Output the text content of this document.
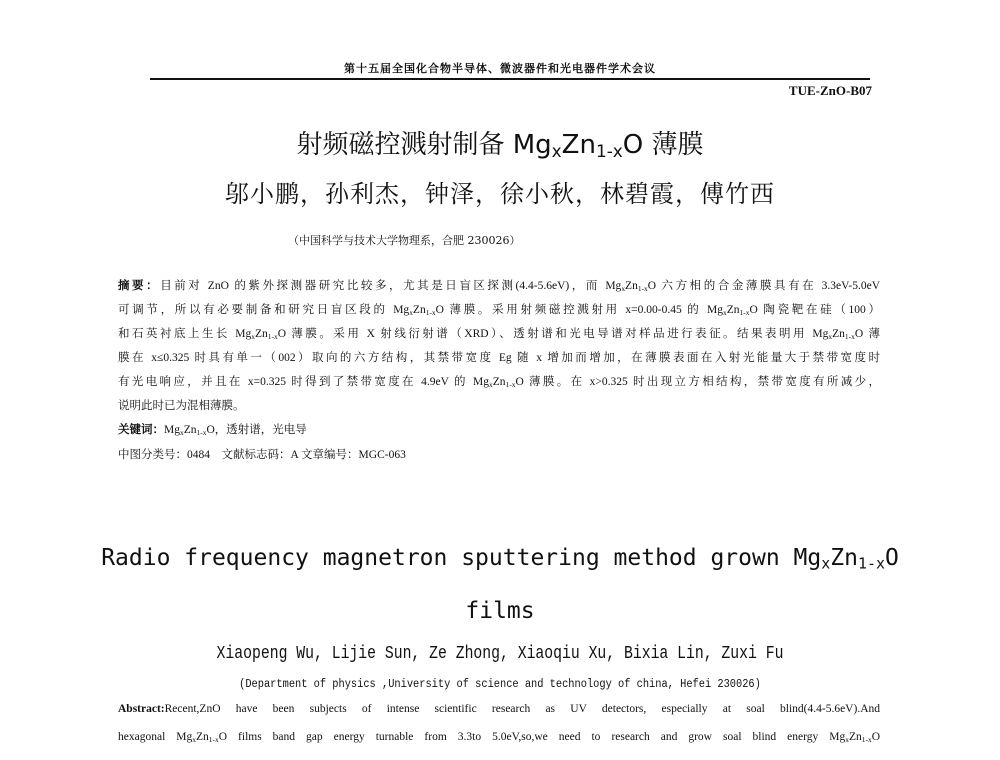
第十五届全国化合物半导体、微波器件和光电器件学术会议
TUE-ZnO-B07
射频磁控溅射制备 $Mg_xZn_{1-x}O$ 薄膜
邬小鹏，孙利杰，钟泽，徐小秋，林碧霞，傅竹西
（中国科学与技术大学物理系，合肥 230026）
摘要：目前对 ZnO 的紫外探测器研究比较多，尤其是日盲区探测(4.4-5.6eV)，而 $Mg_xZn_{1-x}O$ 六方相的合金薄膜具有在 3.3eV-5.0eV
可调节，所以有必要制备和研究日盲区段的 $Mg_xZn_{1-x}O$ 薄膜。采用射频磁控溅射用 x=0.00-0.45 的 $Mg_xZn_{1-x}O$ 陶瓷靶在硅（100）
和石英衬底上生长 $Mg_xZn_{1-x}O$ 薄膜。采用 X 射线衍射谱（XRD）、透射谱和光电导谱对样品进行表征。结果表明用 $Mg_xZn_{1-x}O$ 薄
膜在 x≤0.325 时具有单一（002）取向的六方结构，其禁带宽度 Eg 随 x 增加而增加，在薄膜表面在入射光能量大于禁带宽度时
有光电响应，并且在 x=0.325 时得到了禁带宽度在 4.9eV 的 $Mg_xZn_{1-x}O$ 薄膜。在 x>0.325 时出现立方相结构，禁带宽度有所减少，
说明此时已为混相薄膜。
关键词：$Mg_xZn_{1-x}O$，透射谱，光电导
中图分类号：0484　文献标志码：A 文章编号：MGC-063
Radio frequency magnetron sputtering method grown $Mg_xZn_{1-x}O$
films
Xiaopeng Wu, Lijie Sun, Ze Zhong, Xiaoqiu Xu, Bixia Lin, Zuxi Fu
(Department of physics ,University of science and technology of china, Hefei 230026)
Abstract:Recent,ZnO have been subjects of intense scientific research as UV detectors, especially at soal blind(4.4-5.6eV).And
hexagonal $Mg_xZn_{1-x}O$ films band gap energy turnable from 3.3to 5.0eV,so,we need to research and grow soal blind energy $Mg_xZn_{1-x}O$
